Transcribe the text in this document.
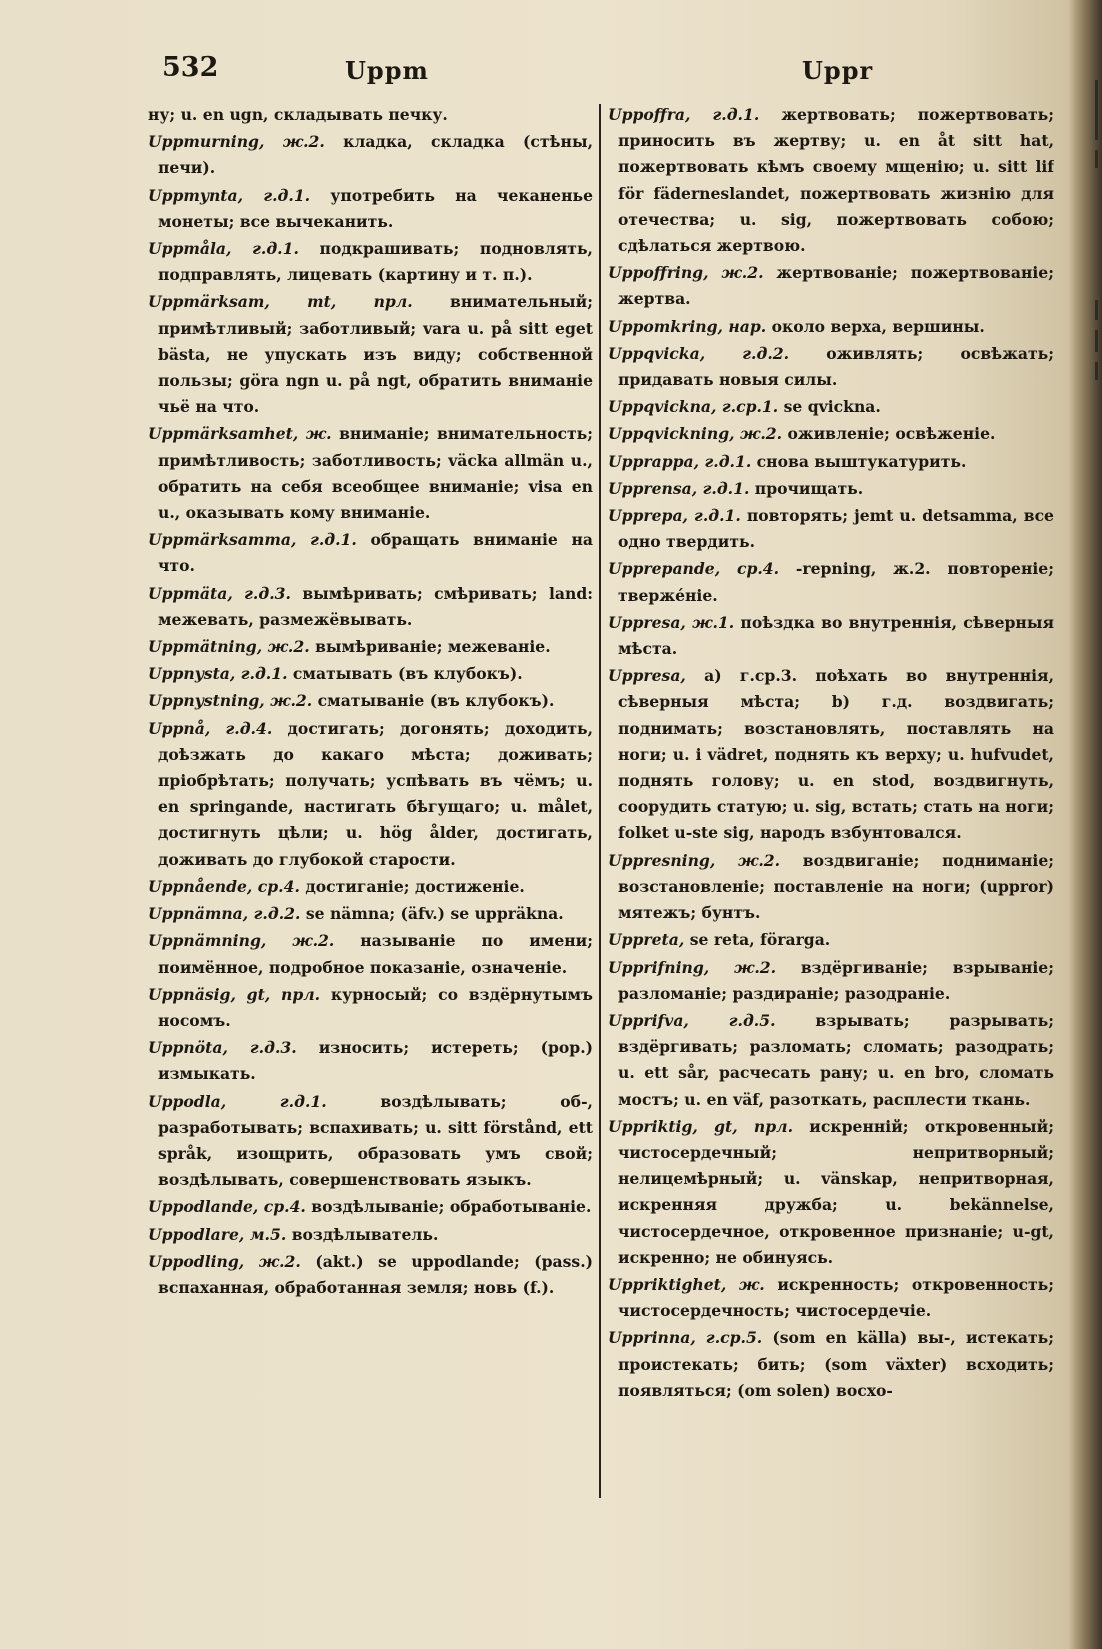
532	Uppm	Uppr
ну; u. en ugn, складывать печку.
Uppmurning, ж.2. кладка, складка (стѣны, печи).
Uppmynta, г.д.1. употребить на чеканенье монеты; все вычеканить.
Uppmåla, г.д.1. подкрашивать; подновлять, подправлять, лицевать (картину и т. п.).
Uppmärksam, mt, прл. внимательный; примѣтливый; заботливый; vara u. på sitt eget bästa, не упускать изъ виду; собственной пользы; göra ngn u. på ngt, обратить вниманіе чьё на что.
Uppmärksamhet, ж. вниманіе; внимательность; примѣтливость; заботливость; väcka allmän u., обратить на себя всеобщее вниманіе; visa en u., оказывать кому вниманіе.
Uppmärksamma, г.д.1. обращать вниманіе на что.
Uppmäta, г.д.3. вымѣривать; смѣривать; land: межевать, размежёвывать.
Uppmätning, ж.2. вымѣриваніе; межеваніе.
Uppnysta, г.д.1. сматывать (въ клубокъ).
Uppnystning, ж.2. сматываніе (въ клубокъ).
Uppnå, г.д.4. достигать; догонять; доходить, доѣзжать до какаго мѣста; доживать; пріобрѣтать; получать; успѣвать въ чёмъ; u. en springande, настигать бѣгущаго; u. målet, достигнуть цѣли; u. hög ålder, достигать, доживать до глубокой старости.
Uppnående, ср.4. достиганіе; достиженіе.
Uppnämna, г.д.2. se nämna; (äfv.) se uppräkna.
Uppnämning, ж.2. называніе по имени; поимённое, подробное показаніе, означеніе.
Uppnäsig, gt, прл. курносый; со вздёрнутымъ носомъ.
Uppnöta, г.д.3. износить; истереть; (pop.) измыкать.
Uppodla, г.д.1. воздѣлывать; об-, разработывать; вспахивать; u. sitt förstånd, ett språk, изощрить, образовать умъ свой; воздѣлывать, совершенствовать языкъ.
Uppodlande, ср.4. воздѣлываніе; обработываніе.
Uppodlare, м.5. воздѣлыватель.
Uppodling, ж.2. (akt.) se uppodlande; (pass.) вспаханная, обработанная земля; новь (f.).
Uppoffra, г.д.1. жертвовать; пожертвовать; приносить въ жертву; u. en åt sitt hat, пожертвовать кѣмъ своему мщенію; u. sitt lif för fäderneslandet, пожертвовать жизнію для отечества; u. sig, пожертвовать собою; сдѣлаться жертвою.
Uppoffring, ж.2. жертвованіе; пожертвованіе; жертва.
Uppomkring, нар. около верха, вершины.
Uppqvicka, г.д.2. оживлять; освѣжать; придавать новыя силы.
Uppqvickna, г.ср.1. se qvickna.
Uppqvickning, ж.2. оживленіе; освѣженіе.
Upprappa, г.д.1. снова выштукатурить.
Upprensa, г.д.1. прочищать.
Upprepa, г.д.1. повторять; jemt u. detsamma, все одно твердить.
Upprepande, ср.4. -repning, ж.2. повтореніе; твержéніе.
Uppresa, ж.1. поѣздка во внутреннія, сѣверныя мѣста.
Uppresa, a) г.ср.3. поѣхать во внутреннія, сѣверныя мѣста; b) г.д. воздвигать; поднимать; возстановлять, поставлять на ноги; u. i vädret, поднять къ верху; u. hufvudet, поднять голову; u. en stod, воздвигнуть, соорудить статую; u. sig, встать; стать на ноги; folket u-ste sig, народъ взбунтовался.
Uppresning, ж.2. воздвиганіе; подниманіе; возстановленіе; поставленіе на ноги; (uppror) мятежъ; бунтъ.
Uppreta, se reta, förarga.
Upprifning, ж.2. вздёргиваніе; взрываніе; разломаніе; раздираніе; разодраніе.
Upprifva, г.д.5. взрывать; разрывать; вздёргивать; разломать; сломать; разодрать; u. ett sår, расчесать рану; u. en bro, сломать мостъ; u. en väf, разоткать, расплести ткань.
Uppriktig, gt, прл. искренній; откровенный; чистосердечный; непритворный; нелицемѣрный; u. vänskap, непритворная, искренняя дружба; u. bekännelse, чистосердечное, откровенное признаніе; u-gt, искренно; не обинуясь.
Uppriktighet, ж. искренность; откровенность; чистосердечность; чистосердечіе.
Upprinna, г.ср.5. (som en källa) вы-, истекать; проистекать; бить; (som växter) всходить; появляться; (om solen) восхо-
